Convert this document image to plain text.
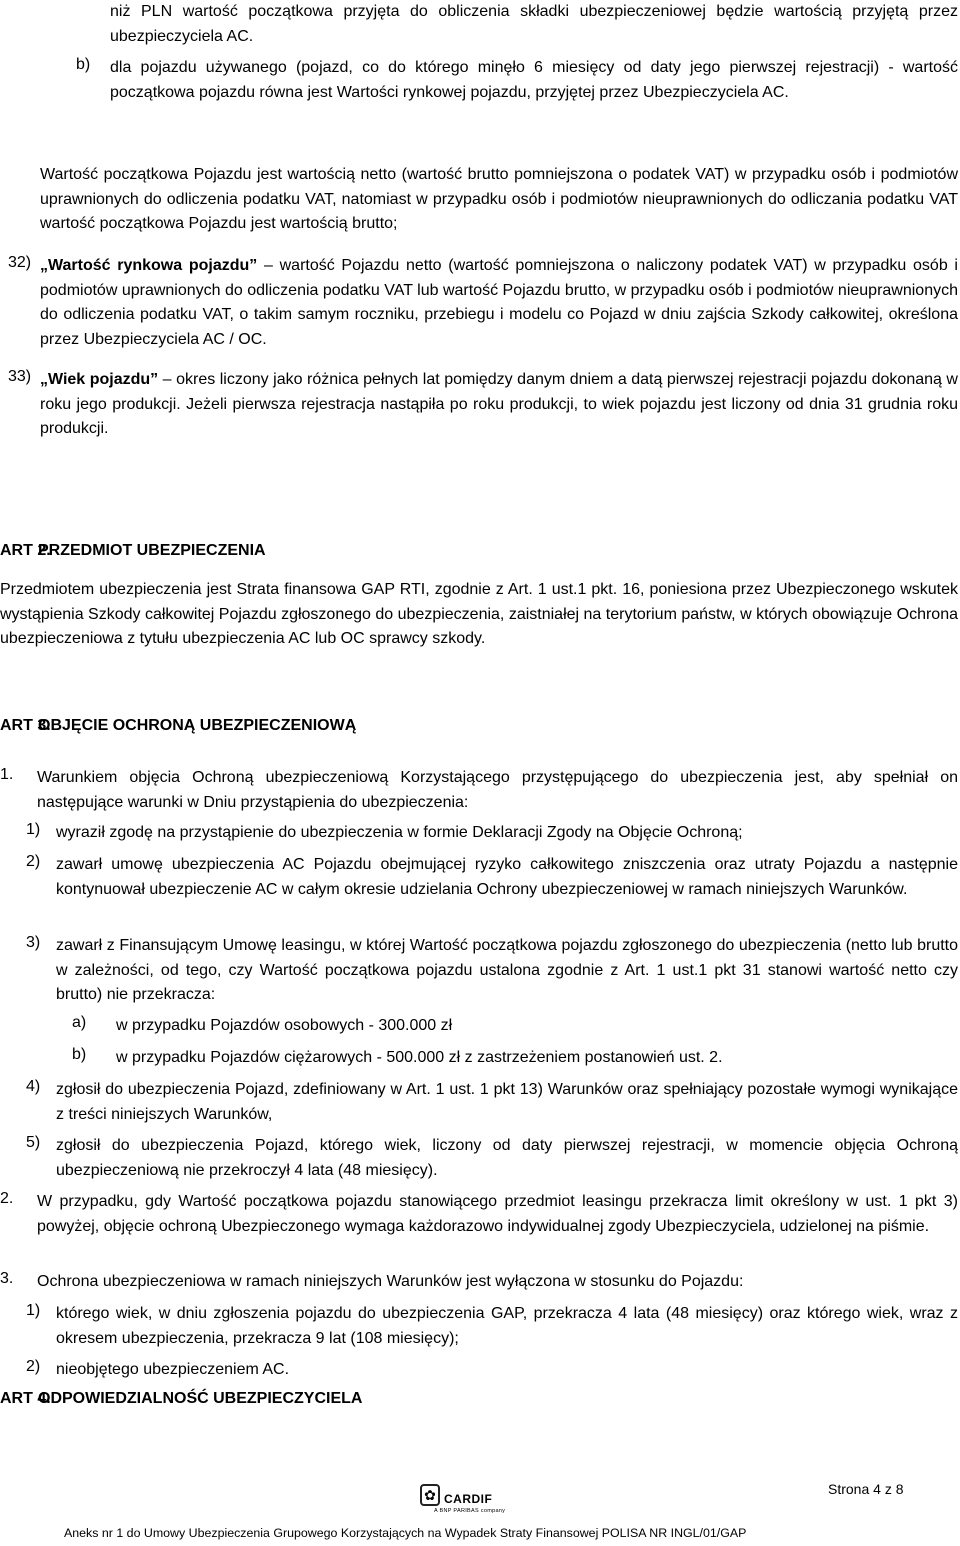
niż PLN wartość początkowa przyjęta do obliczenia składki ubezpieczeniowej będzie wartością przyjętą przez ubezpieczyciela AC.

b) dla pojazdu używanego (pojazd, co do którego minęło 6 miesięcy od daty jego pierwszej rejestracji) - wartość początkowa pojazdu równa jest Wartości rynkowej pojazdu, przyjętej przez Ubezpieczyciela AC.

Wartość początkowa Pojazdu jest wartością netto (wartość brutto pomniejszona o podatek VAT) w przypadku osób i podmiotów uprawnionych do odliczenia podatku VAT, natomiast w przypadku osób i podmiotów nieuprawnionych do odliczania podatku VAT wartość początkowa Pojazdu jest wartością brutto;

32)	„ Wartość rynkowa pojazdu ” – wartość Pojazdu netto (wartość pomniejszona o naliczony podatek VAT) w przypadku osób i podmiotów uprawnionych do odliczenia podatku VAT lub wartość Pojazdu brutto, w przypadku osób i podmiotów nieuprawnionych do odliczenia podatku VAT, o takim samym roczniku, przebiegu i modelu co Pojazd w dniu zajścia Szkody całkowitej, określona przez Ubezpieczyciela AC / OC.

33)	„ Wiek pojazdu ” – okres liczony jako różnica pełnych lat pomiędzy danym dniem a datą pierwszej rejestracji pojazdu dokonaną w roku jego produkcji. Jeżeli pierwsza rejestracja nastąpiła po roku produkcji, to wiek pojazdu jest liczony od dnia 31 grudnia roku produkcji.

ART 2.PRZEDMIOT UBEZPIECZENIA

Przedmiotem ubezpieczenia jest Strata finansowa GAP RTI, zgodnie z Art. 1 ust.1 pkt. 16, poniesiona przez Ubezpieczonego wskutek wystąpienia Szkody całkowitej Pojazdu zgłoszonego do ubezpieczenia, zaistniałej na terytorium państw, w których obowiązuje Ochrona ubezpieczeniowa z tytułu ubezpieczenia AC lub OC sprawcy szkody.

ART 3.OBJĘCIE OCHRONĄ UBEZPIECZENIOWĄ
1. Warunkiem objęcia Ochroną ubezpieczeniową Korzystającego przystępującego do ubezpieczenia jest, aby spełniał on następujące warunki w Dniu przystąpienia do ubezpieczenia:

1) wyraził zgodę na przystąpienie do ubezpieczenia w formie Deklaracji Zgody na Objęcie Ochroną;

2) zawarł umowę ubezpieczenia AC Pojazdu obejmującej ryzyko całkowitego zniszczenia oraz utraty Pojazdu a następnie kontynuował ubezpieczenie AC w całym okresie udzielania Ochrony ubezpieczeniowej w ramach niniejszych Warunków.

3) zawarł z Finansującym Umowę leasingu, w której Wartość początkowa pojazdu zgłoszonego do ubezpieczenia (netto lub brutto w zależności, od tego, czy Wartość początkowa pojazdu ustalona zgodnie z Art. 1 ust.1 pkt 31 stanowi wartość netto czy brutto) nie przekracza:

a) w przypadku Pojazdów osobowych - 300.000 zł

b) w przypadku Pojazdów ciężarowych - 500.000 zł z zastrzeżeniem postanowień ust. 2.

4) zgłosił do ubezpieczenia Pojazd, zdefiniowany w Art. 1 ust. 1 pkt 13) Warunków oraz spełniający pozostałe wymogi wynikające z treści niniejszych Warunków,

5) zgłosił do ubezpieczenia Pojazd, którego wiek, liczony od daty pierwszej rejestracji, w momencie objęcia Ochroną ubezpieczeniową nie przekroczył 4 lata (48 miesięcy).

2. W przypadku, gdy Wartość początkowa pojazdu stanowiącego przedmiot leasingu przekracza limit określony w ust. 1 pkt 3) powyżej, objęcie ochroną Ubezpieczonego wymaga każdorazowo indywidualnej zgody Ubezpieczyciela, udzielonej na piśmie.

3. Ochrona ubezpieczeniowa w ramach niniejszych Warunków jest wyłączona w stosunku do Pojazdu:

1) którego wiek, w dniu zgłoszenia pojazdu do ubezpieczenia GAP, przekracza 4 lata (48 miesięcy) oraz którego wiek, wraz z okresem ubezpieczenia, przekracza 9 lat (108 miesięcy);

2) nieobjętego ubezpieczeniem AC.

ART 4.ODPOWIEDZIALNOŚĆ UBEZPIECZYCIELA
Strona 4 z 8
✿ CARDIF
A BNP PARIBAS company
Aneks nr 1 do Umowy Ubezpieczenia Grupowego Korzystających na Wypadek Straty Finansowej POLISA NR INGL/01/GAP
